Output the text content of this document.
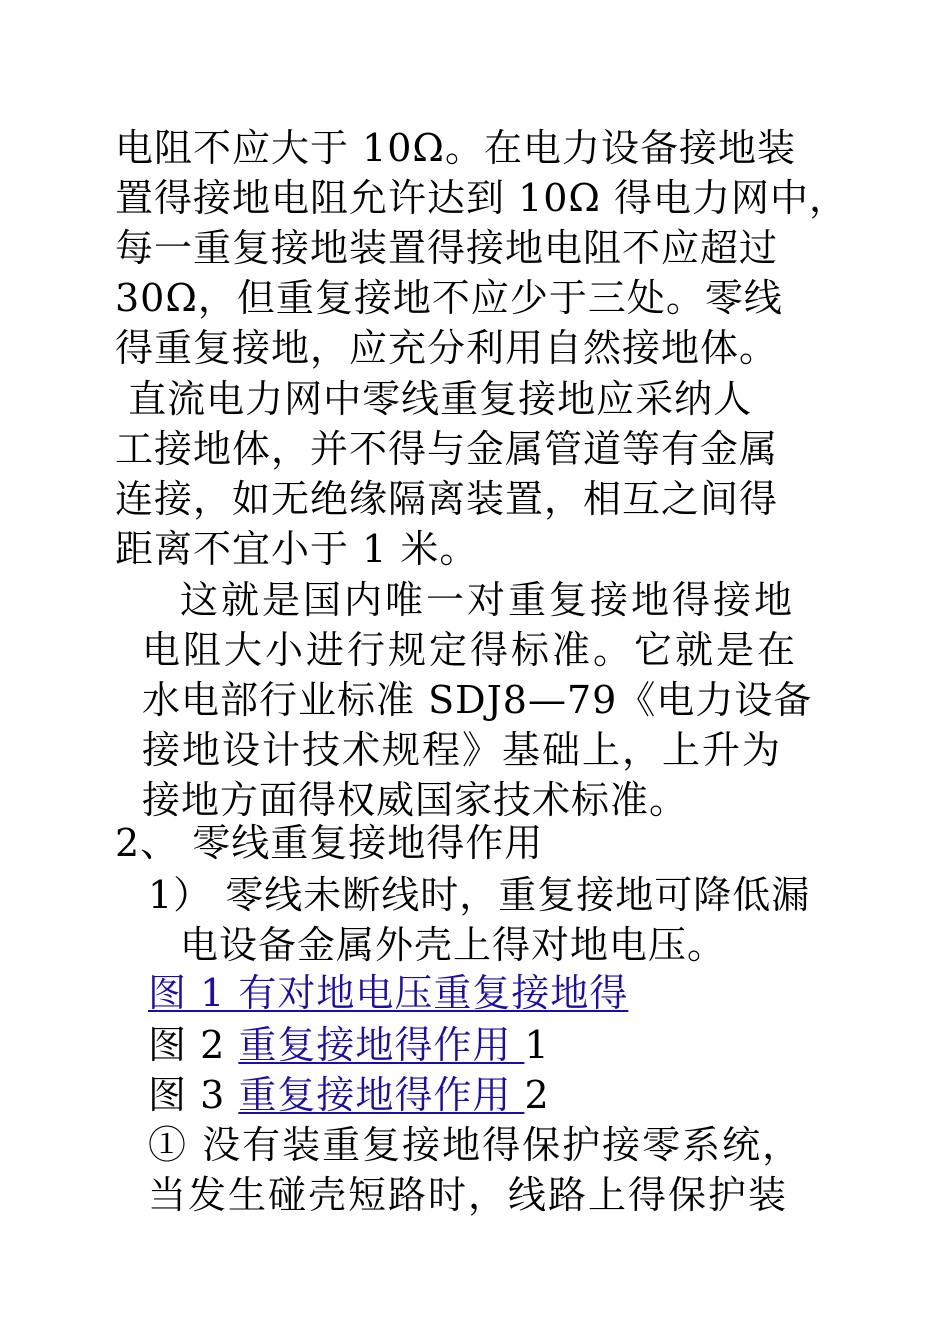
电阻不应大于 10Ω。在电力设备接地装
置得接地电阻允许达到 10Ω 得电力网中，
每一重复接地装置得接地电阻不应超过
30Ω，但重复接地不应少于三处。零线
得重复接地，应充分利用自然接地体。
直流电力网中零线重复接地应采纳人
工接地体，并不得与金属管道等有金属
连接，如无绝缘隔离装置，相互之间得
距离不宜小于 1 米。
这就是国内唯一对重复接地得接地
电阻大小进行规定得标准。它就是在
水电部行业标准 SDJ8—79《电力设备
接地设计技术规程》基础上，上升为
接地方面得权威国家技术标准。
2、 零线重复接地得作用
1） 零线未断线时，重复接地可降低漏
电设备金属外壳上得对地电压。
图 1 有对地电压重复接地得
图 2 重复接地得作用 1
图 3 重复接地得作用 2
① 没有装重复接地得保护接零系统，
当发生碰壳短路时，线路上得保护装
